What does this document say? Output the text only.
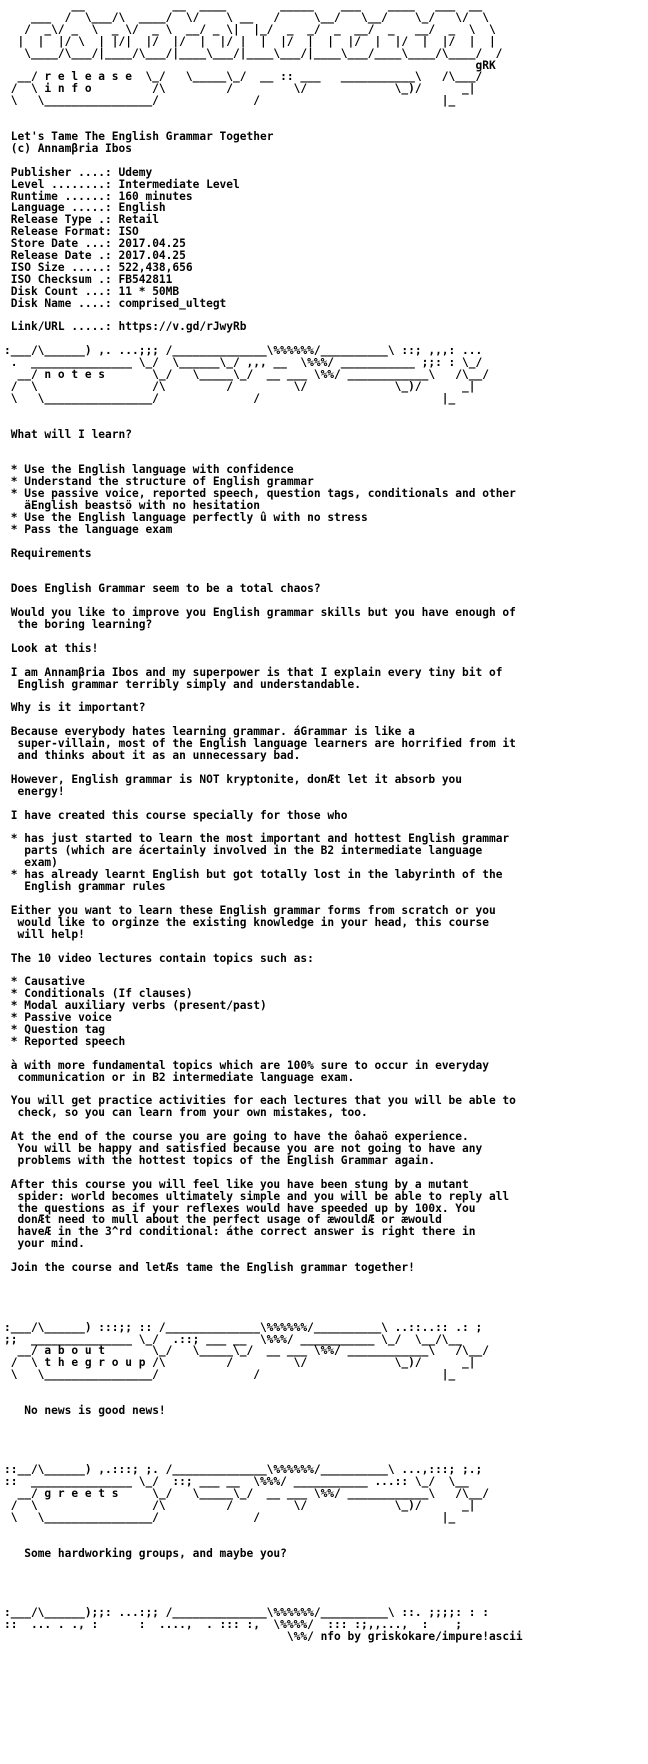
__             __  ____        _____    ___    ____   ___  __
___  /  \___/\  ____/  \/    \ __   /     \__/   \__/    \_/   \/  \
/  _\/ _  \  _ \/  _ \  __/ _ \|  |_/  _  _/  _  __/  _   __/  _  \  \
|  |  |/ \  | |/|  |/  |/  |  |/ |  |  |/  |  |  |/  |  |/  |  |/  |  |
\____/\___/|____/\___/|____\___/|____\___/|____\___/____\____/\____/  /
gRK
__/ r e l e a s e  \_/   \_____\_/  __ :: ___   ___________\   /\___/
/  \ i n f o         /\         /         \/             \_)/      _|
\   \________________/              /                           |_

Let's Tame The English Grammar Together
(c) Annamβria Ibos

Publisher ....: Udemy
Level ........: Intermediate Level
Runtime ......: 160 minutes
Language .....: English
Release Type .: Retail
Release Format: ISO
Store Date ...: 2017.04.25
Release Date .: 2017.04.25
ISO Size .....: 522,438,656
ISO Checksum .: FB542811
Disk Count ...: 11 * 50MB
Disk Name ....: comprised_ultegt

Link/URL .....: https://v.gd/rJwyRb

:___/\______) ,. ...;;; /______________\%%%%%%/__________\ ::; ,,,: ...
.  _______________ \_/  \______\_/ ,,, __  \%%%/ ___________ ;;: : \_/
__/ n o t e s       \_/   \_____\_/  __ ___ \%%/ ____________\   /\__/
/  \                 /\         /         \/             \_)/      _|
\   \________________/              /                           |_

What will I learn?

* Use the English language with confidence
* Understand the structure of English grammar
* Use passive voice, reported speech, question tags, conditionals and other
äEnglish beastsö with no hesitation
* Use the English language perfectly û with no stress
* Pass the language exam

Requirements

Does English Grammar seem to be a total chaos?

Would you like to improve you English grammar skills but you have enough of
the boring learning?

Look at this!

I am Annamβria Ibos and my superpower is that I explain every tiny bit of
English grammar terribly simply and understandable.

Why is it important?

Because everybody hates learning grammar. áGrammar is like a
super-villain, most of the English language learners are horrified from it
and thinks about it as an unnecessary bad.

However, English grammar is NOT kryptonite, donÆt let it absorb you
energy!

I have created this course specially for those who

* has just started to learn the most important and hottest English grammar
parts (which are ácertainly involved in the B2 intermediate language
exam)
* has already learnt English but got totally lost in the labyrinth of the
English grammar rules

Either you want to learn these English grammar forms from scratch or you
would like to orginze the existing knowledge in your head, this course
will help!

The 10 video lectures contain topics such as:

* Causative
* Conditionals (If clauses)
* Modal auxiliary verbs (present/past)
* Passive voice
* Question tag
* Reported speech

à with more fundamental topics which are 100% sure to occur in everyday
communication or in B2 intermediate language exam.

You will get practice activities for each lectures that you will be able to
check, so you can learn from your own mistakes, too.

At the end of the course you are going to have the ôahaö experience.
You will be happy and satisfied because you are not going to have any
problems with the hottest topics of the English Grammar again.

After this course you will feel like you have been stung by a mutant
spider: world becomes ultimately simple and you will be able to reply all
the questions as if your reflexes would have speeded up by 100x. You
donÆt need to mull about the perfect usage of æwouldÆ or æwould
haveÆ in the 3^rd conditional: áthe correct answer is right there in
your mind.

Join the course and letÆs tame the English grammar together!

:___/\______) :::;; :: /______________\%%%%%%/__________\ ..::..:: .: ;
;;  _______________ \_/  .::; ___ __  \%%%/ ___________ \_/  \__/\__
__/ a b o u t       \_/   \_____\_/  __ ___ \%%/ ____________\   /\__/
/  \ t h e g r o u p /\         /         \/             \_)/      _|
\   \________________/              /                           |_

No news is good news!

::__/\______) ,.:::; ;. /______________\%%%%%%/__________\ ...,:::; ;.;
::  _______________ \_/  ::; ___ __  \%%%/ ___________ ...:: \_/  \__
__/ g r e e t s     \_/   \_____\_/  __ ___ \%%/ ____________\   /\__/
/  \                 /\         /         \/             \_)/      _|
\   \________________/              /                           |_

Some hardworking groups, and maybe you?

:___/\______);;: ...:;; /______________\%%%%%%/__________\ ::. ;;;;: : :
::  ... . ., :      :  ....,  . ::: :,  \%%%%/  ::: :;,,...,  :    ;
\%%/ nfo by griskokare/impure!ascii
